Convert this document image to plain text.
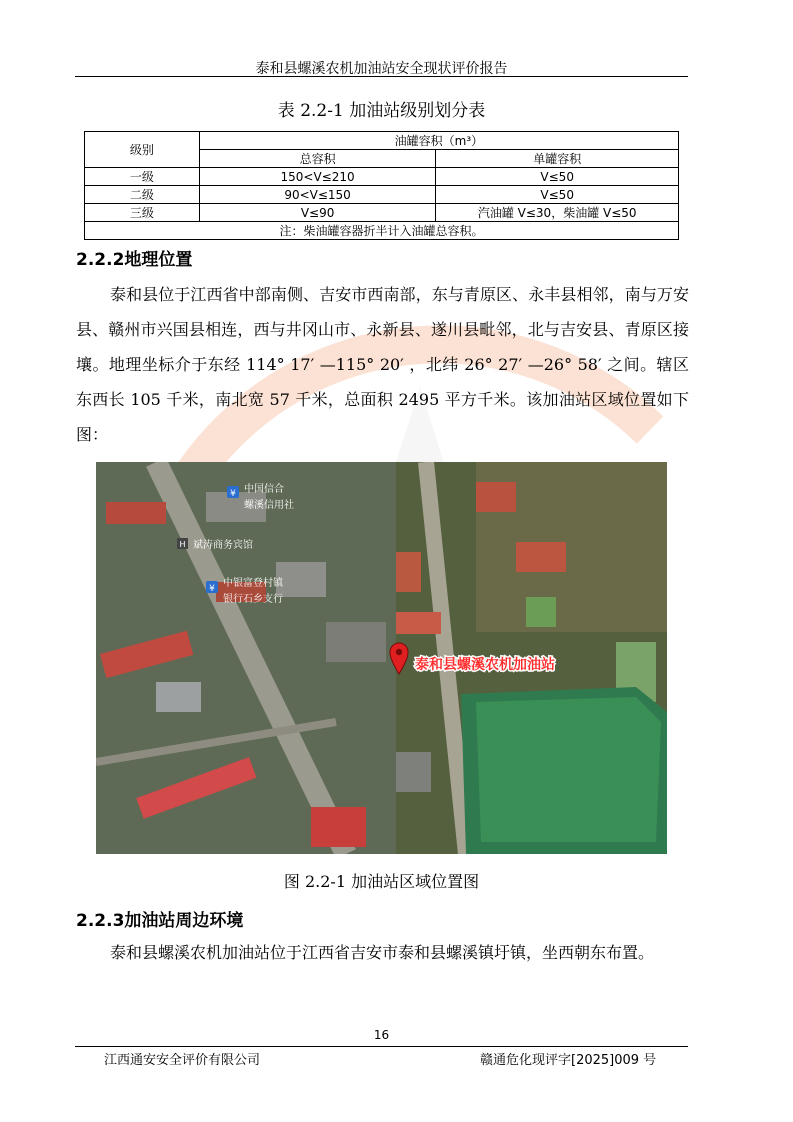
泰和县螺溪农机加油站安全现状评价报告
表 2.2-1 加油站级别划分表
级别	油罐容积（m³）	
	总容积	单罐容积
一级	150<V≤210	V≤50
二级	90<V≤150	V≤50
三级	V≤90	汽油罐 V≤30，柴油罐 V≤50
注：柴油罐容器折半计入油罐总容积。		
2.2.2地理位置
泰和县位于江西省中部南侧、吉安市西南部，东与青原区、永丰县相邻，南与万安县、赣州市兴国县相连，西与井冈山市、永新县、遂川县毗邻，北与吉安县、青原区接壤。地理坐标介于东经 114° 17′ —115° 20′ ，北纬 26° 27′ —26° 58′ 之间。辖区东西长 105 千米，南北宽 57 千米，总面积 2495 平方千米。该加油站区域位置如下图：
¥
H
¥
中国信合
螺溪信用社
斌涛商务宾馆
中银富登村镇
银行石乡支行
泰和县螺溪农机加油站
图 2.2-1 加油站区域位置图
2.2.3加油站周边环境
泰和县螺溪农机加油站位于江西省吉安市泰和县螺溪镇圩镇，坐西朝东布置。
16
江西通安安全评价有限公司	赣通危化现评字[2025]009 号
